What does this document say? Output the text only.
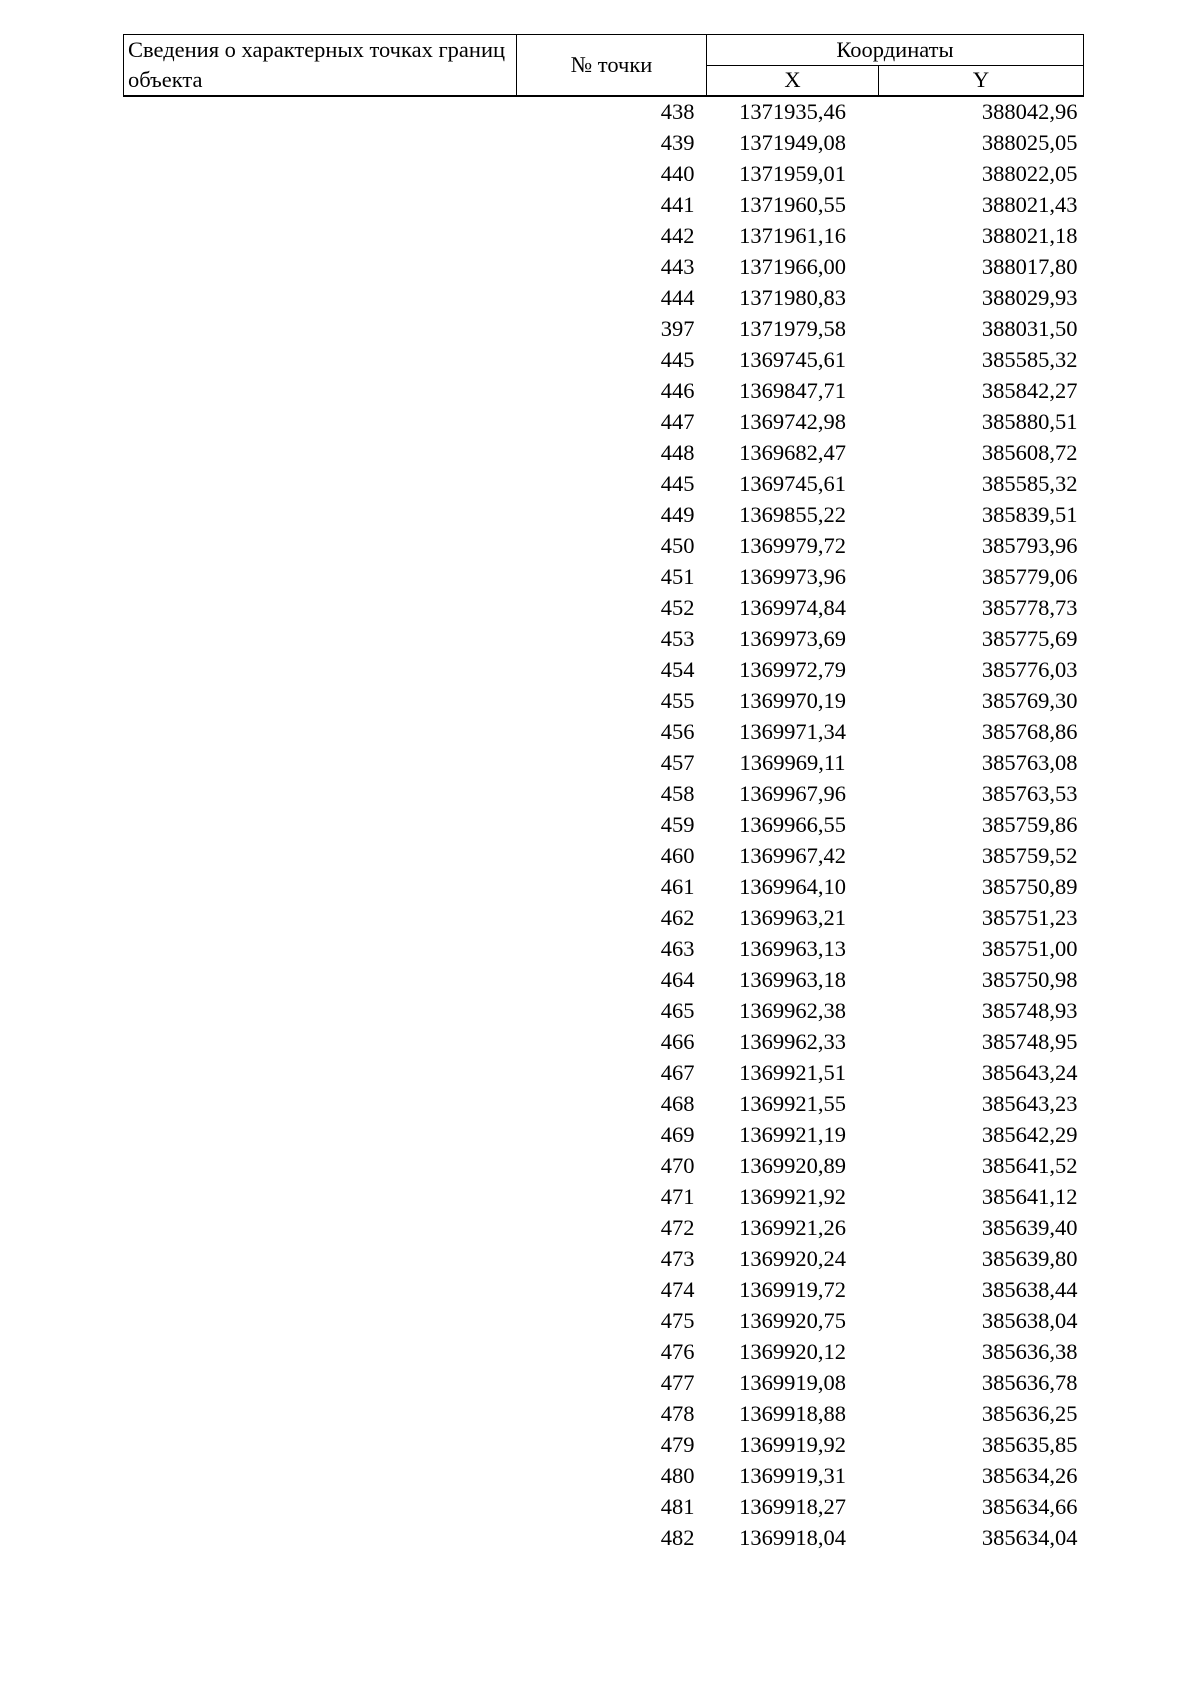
Сведения о характерных точках границ объекта	№ точки	Координаты	
		X	Y
	438	1371935,46	388042,96
	439	1371949,08	388025,05
	440	1371959,01	388022,05
	441	1371960,55	388021,43
	442	1371961,16	388021,18
	443	1371966,00	388017,80
	444	1371980,83	388029,93
	397	1371979,58	388031,50
	445	1369745,61	385585,32
	446	1369847,71	385842,27
	447	1369742,98	385880,51
	448	1369682,47	385608,72
	445	1369745,61	385585,32
	449	1369855,22	385839,51
	450	1369979,72	385793,96
	451	1369973,96	385779,06
	452	1369974,84	385778,73
	453	1369973,69	385775,69
	454	1369972,79	385776,03
	455	1369970,19	385769,30
	456	1369971,34	385768,86
	457	1369969,11	385763,08
	458	1369967,96	385763,53
	459	1369966,55	385759,86
	460	1369967,42	385759,52
	461	1369964,10	385750,89
	462	1369963,21	385751,23
	463	1369963,13	385751,00
	464	1369963,18	385750,98
	465	1369962,38	385748,93
	466	1369962,33	385748,95
	467	1369921,51	385643,24
	468	1369921,55	385643,23
	469	1369921,19	385642,29
	470	1369920,89	385641,52
	471	1369921,92	385641,12
	472	1369921,26	385639,40
	473	1369920,24	385639,80
	474	1369919,72	385638,44
	475	1369920,75	385638,04
	476	1369920,12	385636,38
	477	1369919,08	385636,78
	478	1369918,88	385636,25
	479	1369919,92	385635,85
	480	1369919,31	385634,26
	481	1369918,27	385634,66
	482	1369918,04	385634,04
